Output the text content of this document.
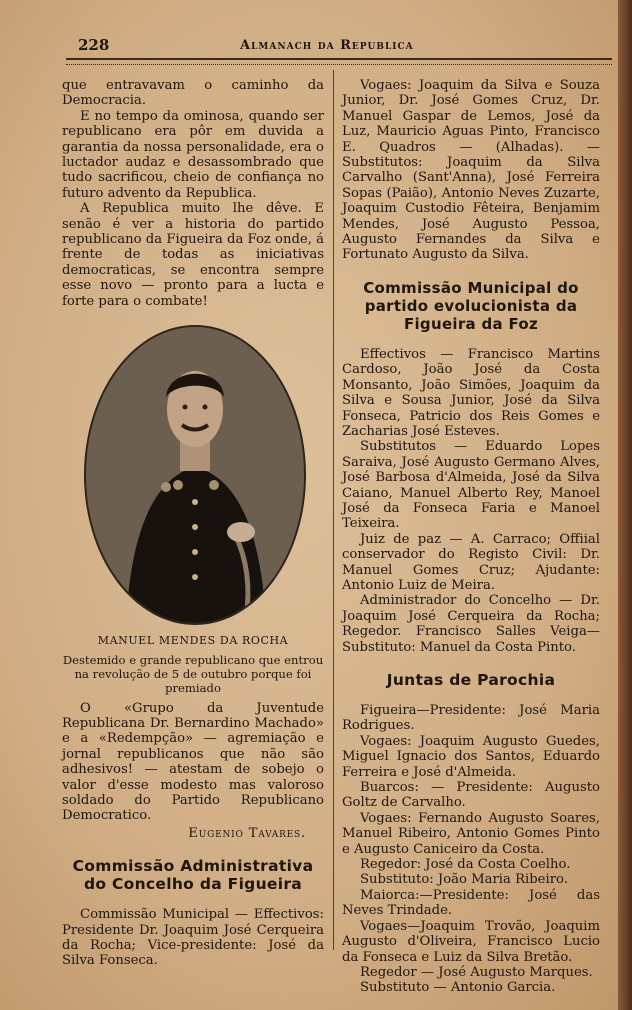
228	Almanach da Republica

que entravavam o caminho da Democracia.

E no tempo da ominosa, quando ser republicano era pôr em duvida a garantia da nossa personalidade, era o luctador audaz e desassombrado que tudo sacrificou, cheio de confiança no futuro advento da Republica.

A Republica muito lhe dêve. E senão é ver a historia do partido republicano da Figueira da Foz onde, á frente de todas as iniciativas democraticas, se encontra sempre esse novo — pronto para a lucta e forte para o combate!

MANUEL MENDES DA ROCHA

Destemido e grande republicano que entrou na revolução de 5 de outubro porque foi premiado

O «Grupo da Juventude Republicana Dr. Bernardino Machado» e a «Redempção» — agremiação e jornal republicanos que não são adhesivos! — atestam de sobejo o valor d'esse modesto mas valoroso soldado do Partido Republicano Democratico.

Eugenio Tavares.

Commissão Administrativa do Concelho da Figueira

Commissão Municipal — Effectivos: Presidente Dr. Joaquim José Cerqueira da Rocha; Vice-presidente: José da Silva Fonseca.

Vogaes: Joaquim da Silva e Souza Junior, Dr. José Gomes Cruz, Dr. Manuel Gaspar de Lemos, José da Luz, Mauricio Aguas Pinto, Francisco E. Quadros — (Alhadas). — Substitutos: Joaquim da Silva Carvalho (Sant'Anna), José Ferreira Sopas (Paião), Antonio Neves Zuzarte, Joaquim Custodio Fêteira, Benjamim Mendes, José Augusto Pessoa, Augusto Fernandes da Silva e Fortunato Augusto da Silva.

Commissão Municipal do partido evolucionista da Figueira da Foz

Effectivos — Francisco Martins Cardoso, João José da Costa Monsanto, João Simões, Joaquim da Silva e Sousa Junior, José da Silva Fonseca, Patricio dos Reis Gomes e Zacharias José Esteves.

Substitutos — Eduardo Lopes Saraiva, José Augusto Germano Alves, José Barbosa d'Almeida, José da Silva Caiano, Manuel Alberto Rey, Manoel José da Fonseca Faria e Manoel Teixeira.

Juiz de paz — A. Carraco; Offiial conservador do Registo Civil: Dr. Manuel Gomes Cruz; Ajudante: Antonio Luiz de Meira.

Administrador do Concelho — Dr. Joaquim José Cerqueira da Rocha; Regedor. Francisco Salles Veiga—Substituto: Manuel da Costa Pinto.

Juntas de Parochia

Figueira—Presidente: José Maria Rodrigues.

Vogaes: Joaquim Augusto Guedes, Miguel Ignacio dos Santos, Eduardo Ferreira e José d'Almeida.

Buarcos: — Presidente: Augusto Goltz de Carvalho.

Vogaes: Fernando Augusto Soares, Manuel Ribeiro, Antonio Gomes Pinto e Augusto Caniceiro da Costa.

Regedor: José da Costa Coelho.

Substituto: João Maria Ribeiro.

Maiorca:—Presidente: José das Neves Trindade.

Vogaes—Joaquim Trovão, Joaquim Augusto d'Oliveira, Francisco Lucio da Fonseca e Luiz da Silva Bretão.

Regedor — José Augusto Marques.

Substituto — Antonio Garcia.
